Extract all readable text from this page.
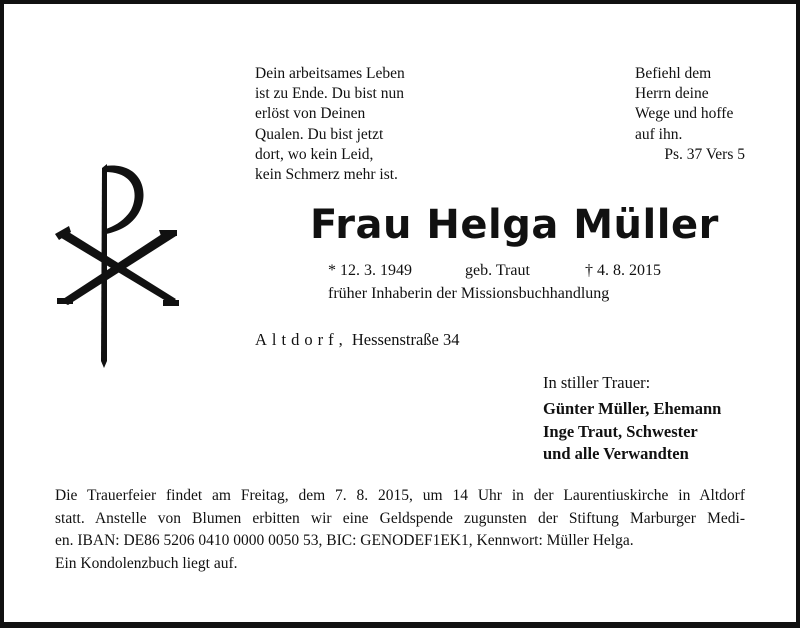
Dein arbeitsames Leben
ist zu Ende. Du bist nun
erlöst von Deinen
Qualen. Du bist jetzt
dort, wo kein Leid,
kein Schmerz mehr ist.
Befiehl dem
Herrn deine
Wege und hoffe
auf ihn.
Ps. 37 Vers 5
Frau Helga Müller
* 12. 3. 1949	geb. Traut	† 4. 8. 2015
früher Inhaberin der Missionsbuchhandlung
Altdorf, Hessenstraße 34
In stiller Trauer:
Günter Müller, Ehemann
Inge Traut, Schwester
und alle Verwandten
Die Trauerfeier findet am Freitag, dem 7. 8. 2015, um 14 Uhr in der Laurentiuskirche in Altdorf
statt. Anstelle von Blumen erbitten wir eine Geldspende zugunsten der Stiftung Marburger Medi-
en. IBAN: DE86 5206 0410 0000 0050 53, BIC: GENODEF1EK1, Kennwort: Müller Helga.
Ein Kondolenzbuch liegt auf.
